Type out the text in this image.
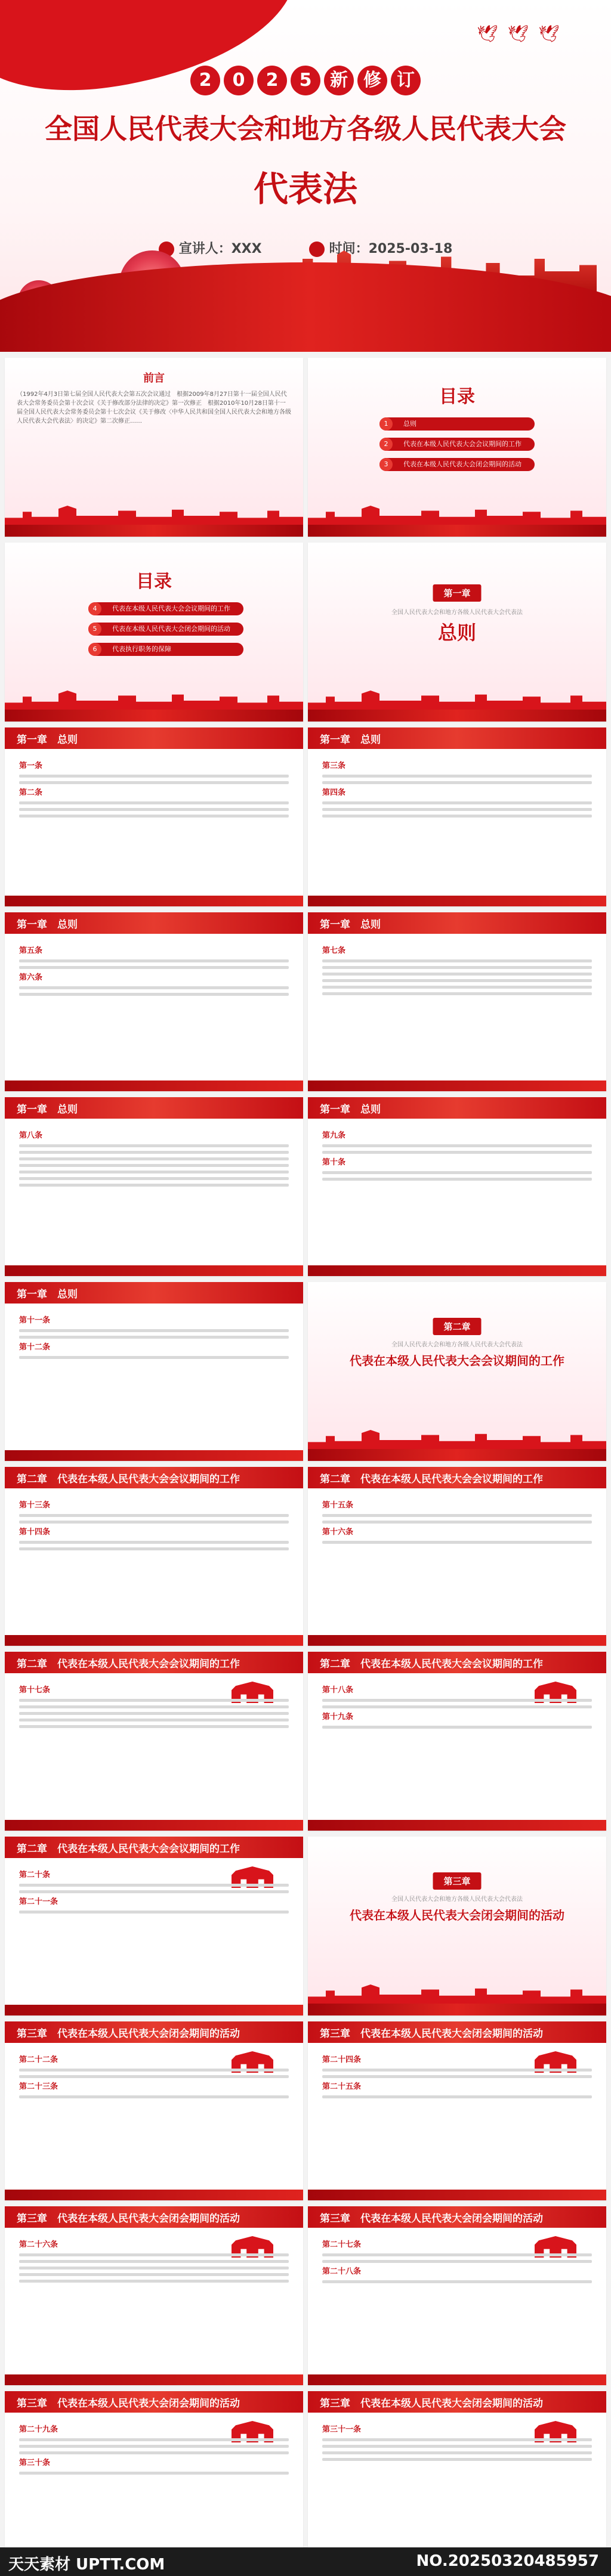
🕊🕊🕊
2 0 2 5 新 修 订
全国人民代表大会和地方各级人民代表大会
代表法
宣讲人：XXX	时间：2025-03-18
前言
（1992年4月3日第七届全国人民代表大会第五次会议通过　根据2009年8月27日第十一届全国人民代表大会常务委员会第十次会议《关于修改部分法律的决定》第一次修正　根据2010年10月28日第十一届全国人民代表大会常务委员会第十七次会议《关于修改〈中华人民共和国全国人民代表大会和地方各级人民代表大会代表法〉的决定》第二次修正……
目录
1	总则
2	代表在本级人民代表大会会议期间的工作
3	代表在本级人民代表大会闭会期间的活动
目录
4	代表在本级人民代表大会会议期间的工作
5	代表在本级人民代表大会闭会期间的活动
6	代表执行职务的保障
第一章
全国人民代表大会和地方各级人民代表大会代表法
总则
第一章　总则
第一条
第二条
第一章　总则
第三条
第四条
第一章　总则
第五条
第六条
第一章　总则
第七条
第一章　总则
第八条
第一章　总则
第九条
第十条
第一章　总则
第十一条
第十二条
第二章
全国人民代表大会和地方各级人民代表大会代表法
代表在本级人民代表大会会议期间的工作
第二章　代表在本级人民代表大会会议期间的工作
第十三条
第十四条
第二章　代表在本级人民代表大会会议期间的工作
第十五条
第十六条
第二章　代表在本级人民代表大会会议期间的工作
第十七条
第二章　代表在本级人民代表大会会议期间的工作
第十八条
第十九条
第二章　代表在本级人民代表大会会议期间的工作
第二十条
第二十一条
第三章
全国人民代表大会和地方各级人民代表大会代表法
代表在本级人民代表大会闭会期间的活动
第三章　代表在本级人民代表大会闭会期间的活动
第二十二条
第二十三条
第三章　代表在本级人民代表大会闭会期间的活动
第二十四条
第二十五条
第三章　代表在本级人民代表大会闭会期间的活动
第二十六条
第三章　代表在本级人民代表大会闭会期间的活动
第二十七条
第二十八条
第三章　代表在本级人民代表大会闭会期间的活动
第二十九条
第三十条
第三章　代表在本级人民代表大会闭会期间的活动
第三十一条
天天素材 UPTT.COM	NO.20250320485957
